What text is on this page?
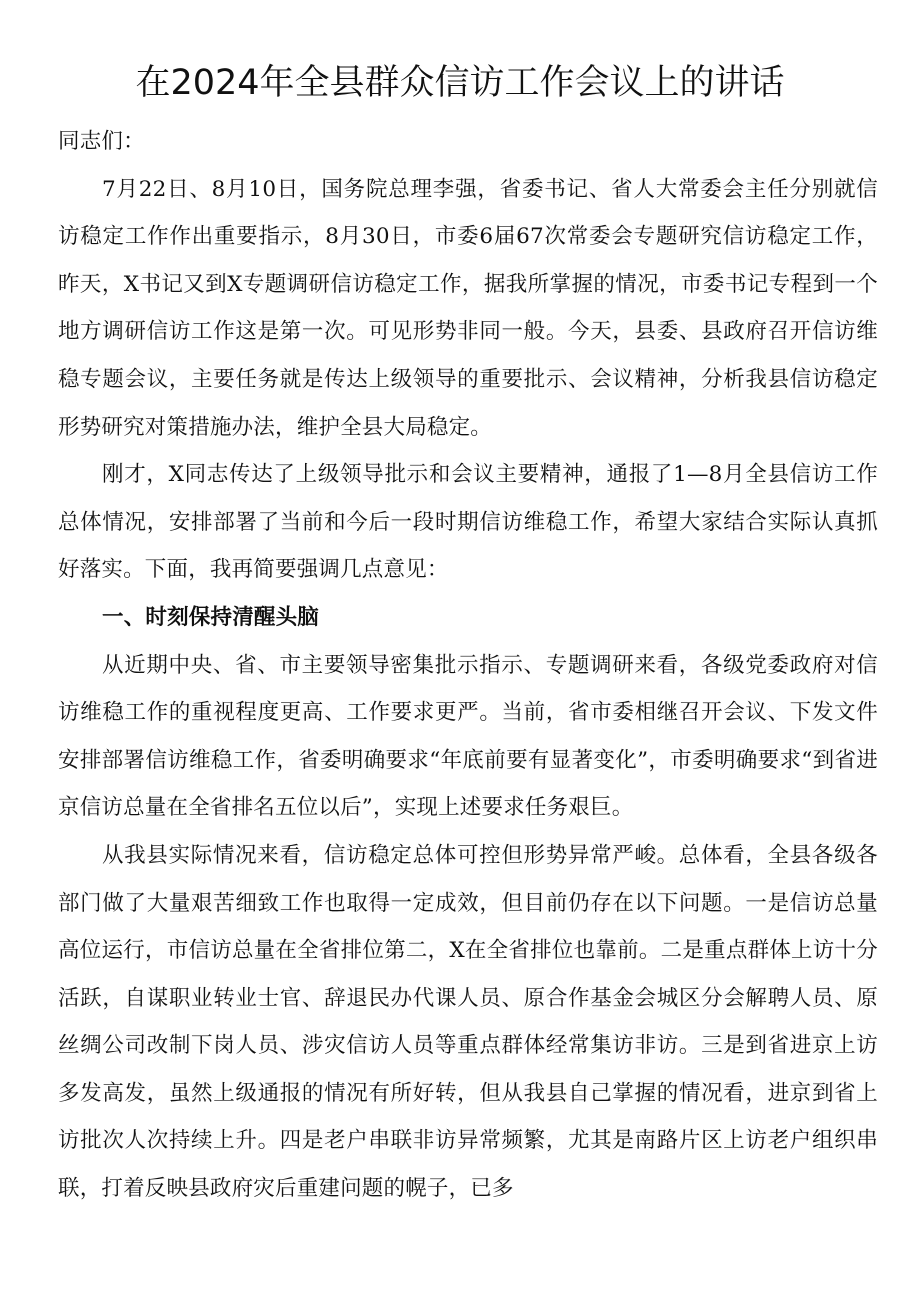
在2024年全县群众信访工作会议上的讲话

同志们：

7月22日、8月10日，国务院总理李强，省委书记、省人大常委会主任分别就信访稳定工作作出重要指示，8月30日，市委6届67次常委会专题研究信访稳定工作，昨天，X书记又到X专题调研信访稳定工作，据我所掌握的情况，市委书记专程到一个地方调研信访工作这是第一次。可见形势非同一般。今天，县委、县政府召开信访维稳专题会议，主要任务就是传达上级领导的重要批示、会议精神，分析我县信访稳定形势研究对策措施办法，维护全县大局稳定。

刚才，X同志传达了上级领导批示和会议主要精神，通报了1—8月全县信访工作总体情况，安排部署了当前和今后一段时期信访维稳工作，希望大家结合实际认真抓好落实。下面，我再简要强调几点意见：

一、时刻保持清醒头脑

从近期中央、省、市主要领导密集批示指示、专题调研来看，各级党委政府对信访维稳工作的重视程度更高、工作要求更严。当前，省市委相继召开会议、下发文件安排部署信访维稳工作，省委明确要求“年底前要有显著变化”，市委明确要求“到省进京信访总量在全省排名五位以后”，实现上述要求任务艰巨。

从我县实际情况来看，信访稳定总体可控但形势异常严峻。总体看，全县各级各部门做了大量艰苦细致工作也取得一定成效，但目前仍存在以下问题。一是信访总量高位运行，市信访总量在全省排位第二，X在全省排位也靠前。二是重点群体上访十分活跃，自谋职业转业士官、辞退民办代课人员、原合作基金会城区分会解聘人员、原丝绸公司改制下岗人员、涉灾信访人员等重点群体经常集访非访。三是到省进京上访多发高发，虽然上级通报的情况有所好转，但从我县自己掌握的情况看，进京到省上访批次人次持续上升。四是老户串联非访异常频繁，尤其是南路片区上访老户组织串联，打着反映县政府灾后重建问题的幌子，已多
